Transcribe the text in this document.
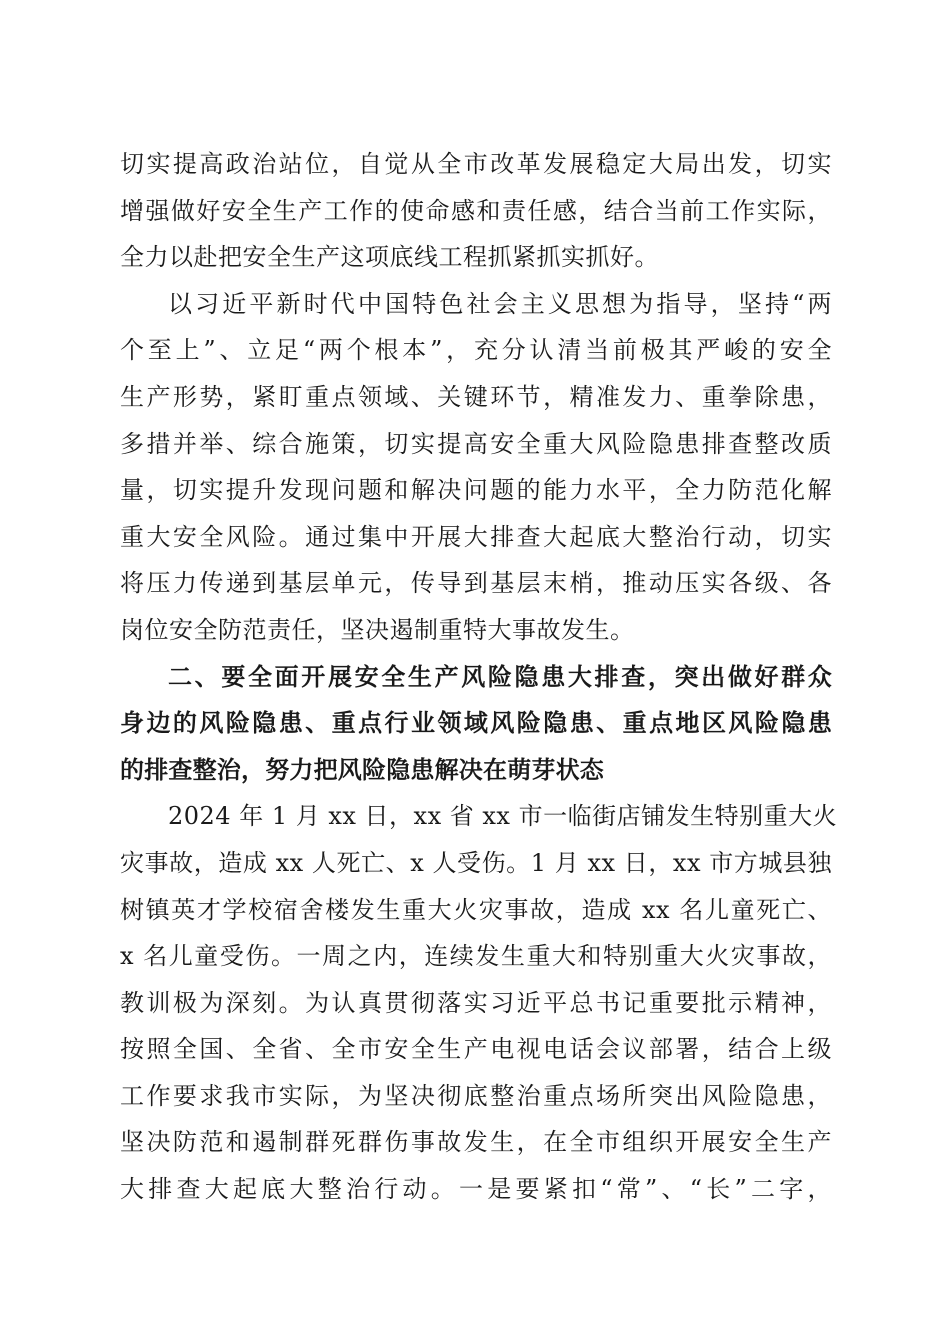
切实提高政治站位，自觉从全市改革发展稳定大局出发，切实
增强做好安全生产工作的使命感和责任感，结合当前工作实际，
全力以赴把安全生产这项底线工程抓紧抓实抓好。
以习近平新时代中国特色社会主义思想为指导，坚持“两
个至上”、立足“两个根本”，充分认清当前极其严峻的安全
生产形势，紧盯重点领域、关键环节，精准发力、重拳除患，
多措并举、综合施策，切实提高安全重大风险隐患排查整改质
量，切实提升发现问题和解决问题的能力水平，全力防范化解
重大安全风险。通过集中开展大排查大起底大整治行动，切实
将压力传递到基层单元，传导到基层末梢，推动压实各级、各
岗位安全防范责任，坚决遏制重特大事故发生。
二、要全面开展安全生产风险隐患大排查，突出做好群众
身边的风险隐患、重点行业领域风险隐患、重点地区风险隐患
的排查整治，努力把风险隐患解决在萌芽状态
2024 年 1 月 xx 日，xx 省 xx 市一临街店铺发生特别重大火
灾事故，造成 xx 人死亡、x 人受伤。1 月 xx 日，xx 市方城县独
树镇英才学校宿舍楼发生重大火灾事故，造成 xx 名儿童死亡、
x 名儿童受伤。一周之内，连续发生重大和特别重大火灾事故，
教训极为深刻。为认真贯彻落实习近平总书记重要批示精神，
按照全国、全省、全市安全生产电视电话会议部署，结合上级
工作要求我市实际，为坚决彻底整治重点场所突出风险隐患，
坚决防范和遏制群死群伤事故发生，在全市组织开展安全生产
大排查大起底大整治行动。一是要紧扣“常”、“长”二字，
